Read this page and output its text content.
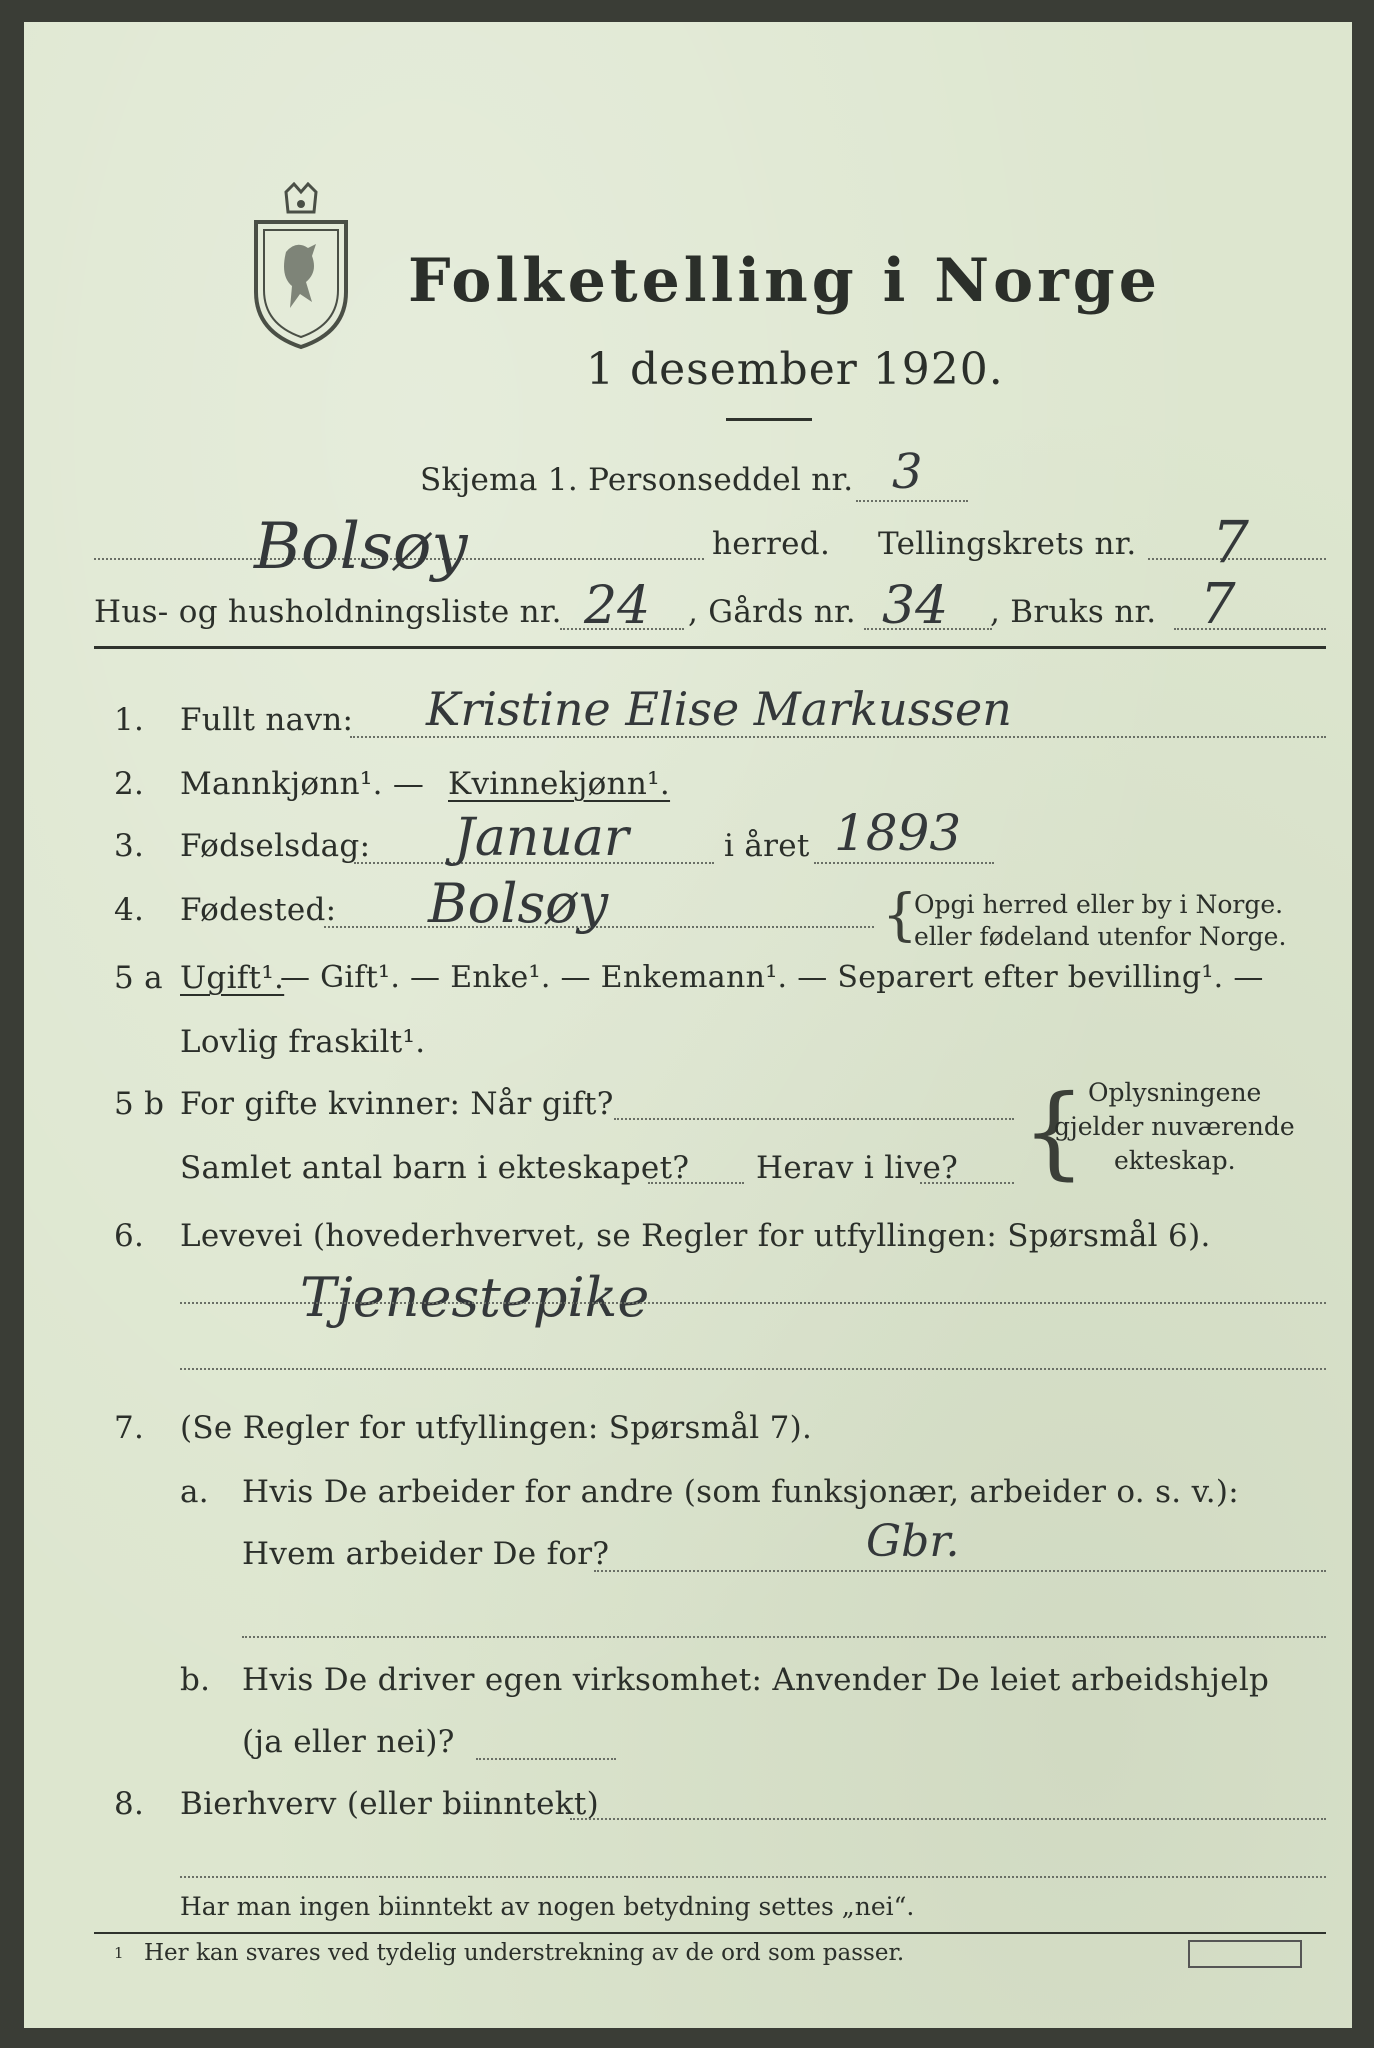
Folketelling i Norge
1 desember 1920.
Skjema 1. Personseddel nr. 3
Bolsøy	herred. Tellingskrets nr. 7
Hus- og husholdningsliste nr. 24 , Gårds nr. 34 , Bruks nr. 7
1. Fullt navn: Kristine Elise Markussen
2. Mannkjønn¹. — Kvinnekjønn¹.
3. Fødselsdag: Januar	i året 1893
4. Fødested: Bolsøy	{
Opgi herred eller by i Norge.
eller fødeland utenfor Norge.
5 a Ugift¹.
— Gift¹. — Enke¹. — Enkemann¹. — Separert efter bevilling¹. —
Lovlig fraskilt¹.
5 b For gifte kvinner: Når gift?
Samlet antal barn i ekteskapet? Herav i live? { Oplysningene
gjelder nuværende
ekteskap.
6. Levevei (hovederhvervet, se Regler for utfyllingen: Spørsmål 6).
Tjenestepike
7. (Se Regler for utfyllingen: Spørsmål 7).
a. Hvis De arbeider for andre (som funksjonær, arbeider o. s. v.):
Hvem arbeider De for?	Gbr.
b. Hvis De driver egen virksomhet: Anvender De leiet arbeidshjelp
(ja eller nei)?
8. Bierhverv (eller biinntekt)
Har man ingen biinntekt av nogen betydning settes „nei“.
1 Her kan svares ved tydelig understrekning av de ord som passer.
